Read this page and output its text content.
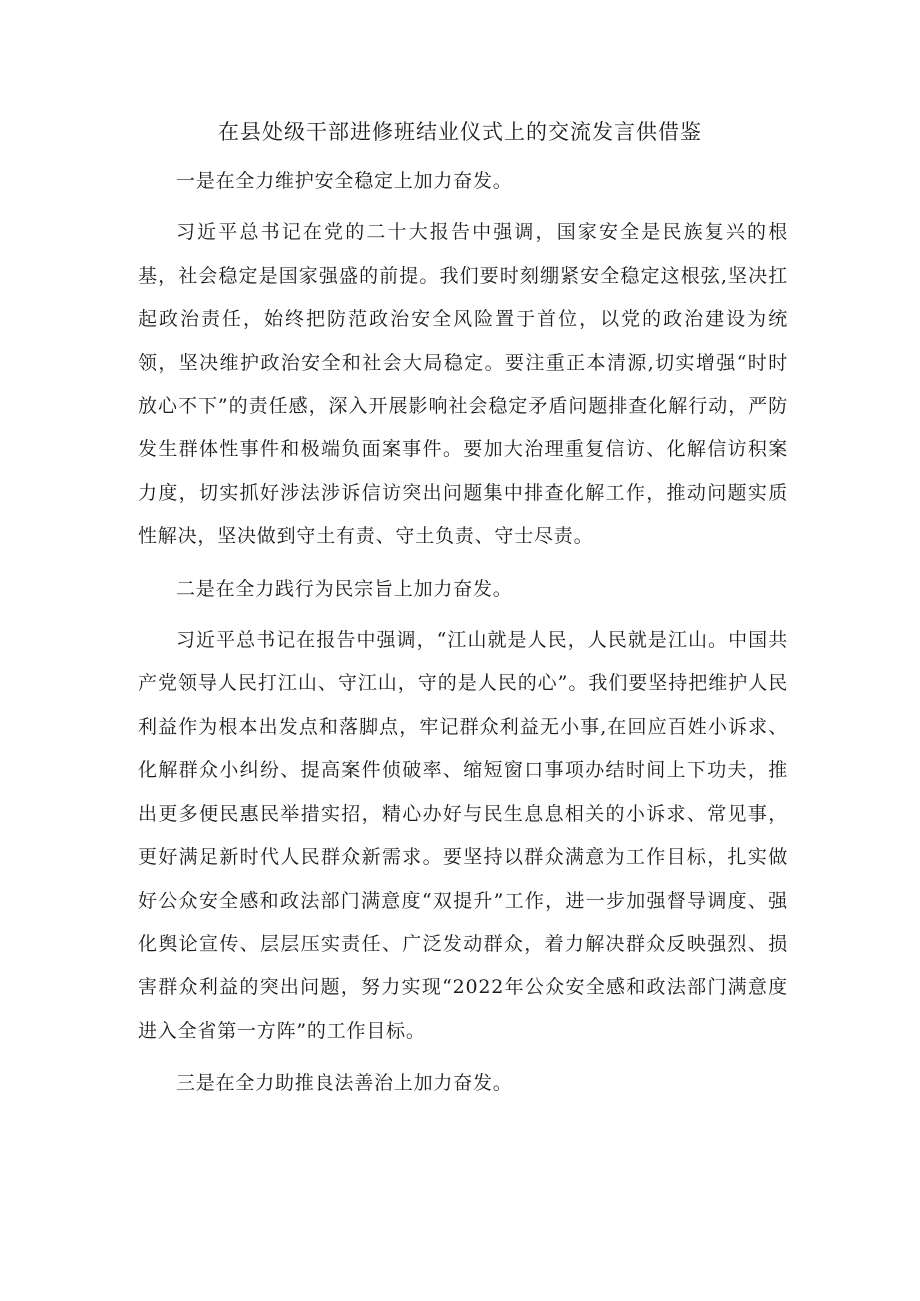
在县处级干部进修班结业仪式上的交流发言供借鉴

一是在全力维护安全稳定上加力奋发。

习近平总书记在党的二十大报告中强调，国家安全是民族复兴的根基，社会稳定是国家强盛的前提。我们要时刻绷紧安全稳定这根弦,坚决扛起政治责任，始终把防范政治安全风险置于首位，以党的政治建设为统领，坚决维护政治安全和社会大局稳定。要注重正本清源,切实增强“时时放心不下”的责任感，深入开展影响社会稳定矛盾问题排查化解行动，严防发生群体性事件和极端负面案事件。要加大治理重复信访、化解信访积案力度，切实抓好涉法涉诉信访突出问题集中排查化解工作，推动问题实质性解决，坚决做到守土有责、守土负责、守士尽责。

二是在全力践行为民宗旨上加力奋发。

习近平总书记在报告中强调，“江山就是人民，人民就是江山。中国共产党领导人民打江山、守江山，守的是人民的心”。我们要坚持把维护人民利益作为根本出发点和落脚点，牢记群众利益无小事,在回应百姓小诉求、化解群众小纠纷、提高案件侦破率、缩短窗口事项办结时间上下功夫，推出更多便民惠民举措实招，精心办好与民生息息相关的小诉求、常见事，更好满足新时代人民群众新需求。要坚持以群众满意为工作目标，扎实做好公众安全感和政法部门满意度“双提升”工作，进一步加强督导调度、强化舆论宣传、层层压实责任、广泛发动群众，着力解决群众反映强烈、损害群众利益的突出问题，努力实现“2022年公众安全感和政法部门满意度进入全省第一方阵”的工作目标。

三是在全力助推良法善治上加力奋发。
